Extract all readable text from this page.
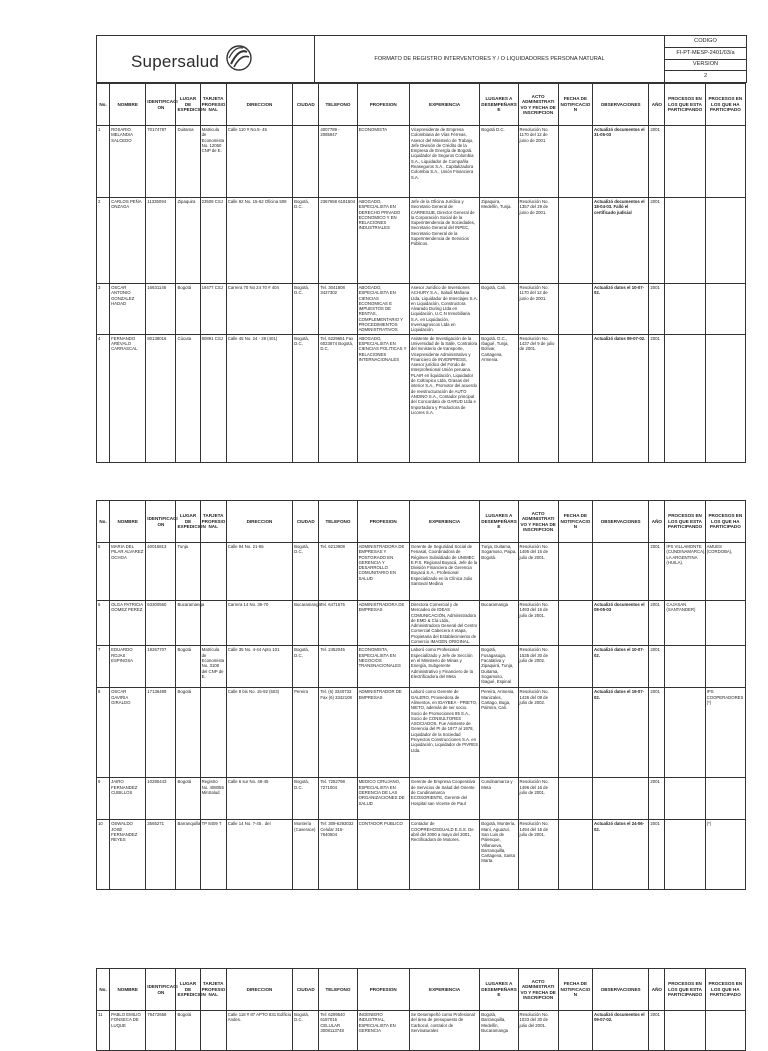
Supersalud	FORMATO DE REGISTRO INTERVENTORES Y / O LIQUIDADORES PERSONA NATURAL	CODIGO
FI-PT-MESP-2401/03/a
VERSION
2
No.	NOMBRE	IDENTIFICACI ON	LUGAR DE EXPEDICION	TARJETA PROFESIO NAL	DIRECCION	CIUDAD	TELEFONO	PROFESION	EXPERIENCIA	LUGARES A DESEMPEÑARS E	ACTO ADMINISTRATI VO Y FECHA DE INSCRIPCION	FECHA DE NOTIFICACIO N	OBSERVACIONES	AÑO	PROCESOS EN LOS QUE ESTA PARTICIPANDO	PROCESOS EN LOS QUE HA PARTICIPADO
1	ROSARIO MELANDIA SALCEDO	70174787	Duitama	Matricula de Economista No. 12050 CNP de E.	Calle 110 # No.5- 45		4007789 - 2085947	ECONOMISTA	Vicepresidente de Empresa Colombiana de Vías Férreas, Asesor del Ministerio de Trabajo, Jefe División de Crédito de la Empresa de Energía de Bogotá. Liquidador de Seguros Colombia S.A., Liquidador de Compañía Reaseguros S.A., Capitalizadora Colombia S.A., Unión Financiera S.A.	Bogotá D.C.	Resolución No. 1170 del 12 de junio de 2001		Actualizó documentos el 31-05-03	2001		
2	CARLOS PEÑA ONZAGA	11335094	Zipaquira	23509 CSJ	Calle 92 No. 15-62 Oficina 508	Bogotá, D.C.	2367658 6181504	ABOGADO, ESPECIALISTA EN DERECHO PRIVADO ECONOMICO Y EN RELACIONES INDUSTRIALES	Jefe de la Oficina Jurídica y Secretario General de CARRESUB, Director General de la Corporación Social de la Superintendencia de Sociedades, Secretario General del INPEC, Secretario General de la Superintendencia de Servicios Públicos.	Zipaquira, Medellín, Tunja.	Resolución No. 1357 del 29 de junio de 2001.		Actualizó documentos el 18-04-03. Falló el certificado judicial	2001		
3	OSCAR ANTONIO GONZALEZ HADAD	16631146	Bogotá	19477 CSJ	Carrera 70 No 24 70 # 404	Bogotá, D.C.	Tel. 3041808 3427302	ABOGADO, ESPECIALISTA EN CIENCIAS ECONOMICAS E IMPUESTOS DE RENTAS, COMPLEMENTARIO Y PROCEDIMIENTOS ADMINISTRATIVOS	Asesor Jurídico de Inversiones ACHURY S.A., Saludi Mañana Ltda, Liquidador de Interclajes S.A. en Liquidación, Constructora Alvarado During Ltda en Liquidación, U.C.N Inmobiliaria S.A. en Liquidación, Inversagroscos Ltda en Liquidación.	Bogotá, Cali.	Resolución No. 1170 del 12 de junio de 2001.		Actualizó datos el 10-07-02.	2001		
4	FERNANDO ARÉVALO CARRASCAL	80138016	Cúcuta	80891 CSJ	Calle 45 No. 24 - 28 (401)	Bogotá, D.C.	Tel. 6229651 Fax 6023674 Bogotá, D.C.	ABOGADO, ESPECIALISTA EN CIENCIAS POLITICAS Y RELACIONES INTERNACIONALES	Asistente de Investigación de la Universidad de la Salle, Contralora del ministerio de transporte, Vicepresidente Administrativo y Financiero de INVERPRESS, Asesor jurídico del Fondo de Interprofesional Unión peruana. PLAIR en liquidación, Liquidador de Coltropico Ltda, Grasas del interior S.A., Promotor del acuerdo de reestructuración de AUTO ANDINO S.A., Contador principal del Concordato de GARUD Ltda e Importadora y Productora de Licores S.A.	Bogotá, D.C., Ibagué, Tunja, Bolívar, Cartagena, Armenia.	Resolución No. 1437 del 9 de julio de 2001.		Actualizó datos 09-07-02.	2001		
No.	NOMBRE	IDENTIFICACI ON	LUGAR DE EXPEDICION	TARJETA PROFESIO NAL	DIRECCION	CIUDAD	TELEFONO	PROFESION	EXPERIENCIA	LUGARES A DESEMPEÑARS E	ACTO ADMINISTRATI VO Y FECHA DE INSCRIPCION	FECHA DE NOTIFICACIO N	OBSERVACIONES	AÑO	PROCESOS EN LOS QUE ESTA PARTICIPANDO	PROCESOS EN LOS QUE HA PARTICIPADO
5	MARIA DEL PILAR ALVAREZ OCHOA	40016813	Tunja		Calle 94 No. 21-65	Bogotá, D.C.	Tel. 6213908	ADMINISTRADORA DE EMPRESAS Y POSTGRADO EN GERENCIA Y DESARROLLO COMUNITARIO EN SALUD	Gerente de Seguridad Social de Fenasal, Coordinadora de Régimen Subsidiado de UNIMEC E.P.S. Regional Boyacá, Jefe de la División Financiera de Gerencia Boyacá S.A., Profesional Especializado en la Clínica Julio Santoval Medina	Tunja, Duitama, Sogamoso, Paipa, Bogotá.	Resolución No. 1495 del 16 de julio de 2001.			2001	IPS VILLAMONTE (CUNDINAMARCA), LA ARGENTINA (HUILA).	AMUES (CORDOBA),
6	OLGA PATRICIA GOMEZ PEREZ	63300560	Bucaramanga		Carrera 14 No. 36-70	Bucaramanga	Tel. 6471675	ADMINISTRADORA DE EMPRESAS	Directora Comercial y de Mercadeo de IDEAS COMUNICACIÓN, Administradora de EMD & Cía Ltda., Administradora General del Centro Comercial Cabecera 4 etapa, Propietaria del Establecimiento de Comercio IMAGEN ORIGINAL.	Bucaramanga	Resolución No. 1493 del 16 de julio de 2001.		Actualizó documentos el 08-05-03	2001	CAJASAN (SANTANDER)	
7	EDUARDO ROJAS ESPINOSA	19267707	Bogotá	Matrícula de Economista No. 3108 del CNP de E.	Calle 35 No. 4-44 Apto 101	Bogotá, D.C.	Tel. 2452045	ECONOMISTA, ESPECIALISTA EN NEGOCIOS TRANSNACIONALES	Laboró como Profesional Especializado y Jefe de Sección en el Ministerio de Minas y Energía, Subgerente Administrativo y Financiero de la Electrificadora del Meta	Bogotá, Fusagasuga, Facatativa y Zipaquirá, Tunja, Duitama, Sogamoso, Ibagué, Espinal	Resolución No. 1535 del 30 de julio de 2002.		Actualizó datos el 10-07-02.	2001		
8	OSCAR GAVIRIA GIRALDO	17136489	Bogotá		Calle 8 bis No. 15-92 (503)	Pereira	Tel. (6) 3340733 Fax (6) 3342108	ADMINISTRADOR DE EMPRESAS	Laboró como Gerente de GALERO, Proveedora de Alimentos, en IDAYBEA - PRIETO, NIETO, además de ser socio. Socio de Promociones 85 S.A., Socio de CONSULTORES ASOCIADOS, Fue Asistente de Gerencia del PI de 1977 al 1978, Liquidador de la Sociedad Proyectos Construcciones S.A. en Liquidación, Liquidador de PIVRES Ltda.	Pereira, Armenia, Manizales, Cartago, Buga, Palmira, Cali.	Resolución No. 1436 del 09 de julio de 2002.		Actualizó datos el 19-07-02.	2001		IPS COOPERADORES (*)
9	JAIRO FERNANDEZ CUBILLOS	10280443	Bogotá	Registro No. 408055 MinSalud	Calle 6 sur No. 48-45	Bogotá, D.C.	Tel. 7252798 7271004	MEDICO CIRUJANO, ESPECIALISTA EN GERENCIA DE LAS ORGANIZACIONES DE SALUD	Gerente de Empresa Cooperativa de Servicios de Salud del Oriente de Cundinamarca ECOSORIENTE, Gerente del Hospital san Vicente de Paul	Cundinamarca y Meta	Resolución No. 1496 del 16 de julio de 2001.			2001		
10	OSWALDO JOSÉ FERNANDEZ REYES	3565271	Barranquilla	TP 8409 T	Calle 14 No. 7-45 . del	Montería (Caserace)	Tel: 309-6293032 Celular 315-7640504	CONTADOR PUBLICO	Contador de COOPREHOSGUALD E.S.S. De abril del 2000 a mayo del 2001, Rectificadora de Motores.	Bogotá, Montería, Maní, Aguazul, San Luis de Palenque, Villanueva, Barranquilla, Cartagena, Santa Marta.	Resolución No. 1494 del 16 de julio de 2001.		Actualizó datos el 24-06-02.	2001		(*)
No.	NOMBRE	IDENTIFICACI ON	LUGAR DE EXPEDICION	TARJETA PROFESIO NAL	DIRECCION	CIUDAD	TELEFONO	PROFESION	EXPERIENCIA	LUGARES A DESEMPEÑARS E	ACTO ADMINISTRATI VO Y FECHA DE INSCRIPCION	FECHA DE NOTIFICACIO N	OBSERVACIONES	AÑO	PROCESOS EN LOS QUE ESTA PARTICIPANDO	PROCESOS EN LOS QUE HA PARTICIPADO
11	PABLO EMILIO FONSECA DE LUQUE	79472658	Bogotá		Calle 118 # 87 APTO 831 Edificio Andes.	Bogotá, D.C.	Tel: 6299540 6187015 CELULAR 3008113748	INGENIERO INDUSTRIAL, ESPECIALISTA EN GERENCIA	Se Desempeñó como Profesional del área de presupuesto de Carbocol, contralor de Servinaturales	Bogotá, Barranquilla, Medellín, Bucaramanga	Resolución No. 1033 del 30 de julio del 2001.		Actualizó documentos el 09-07-02.	2001		
